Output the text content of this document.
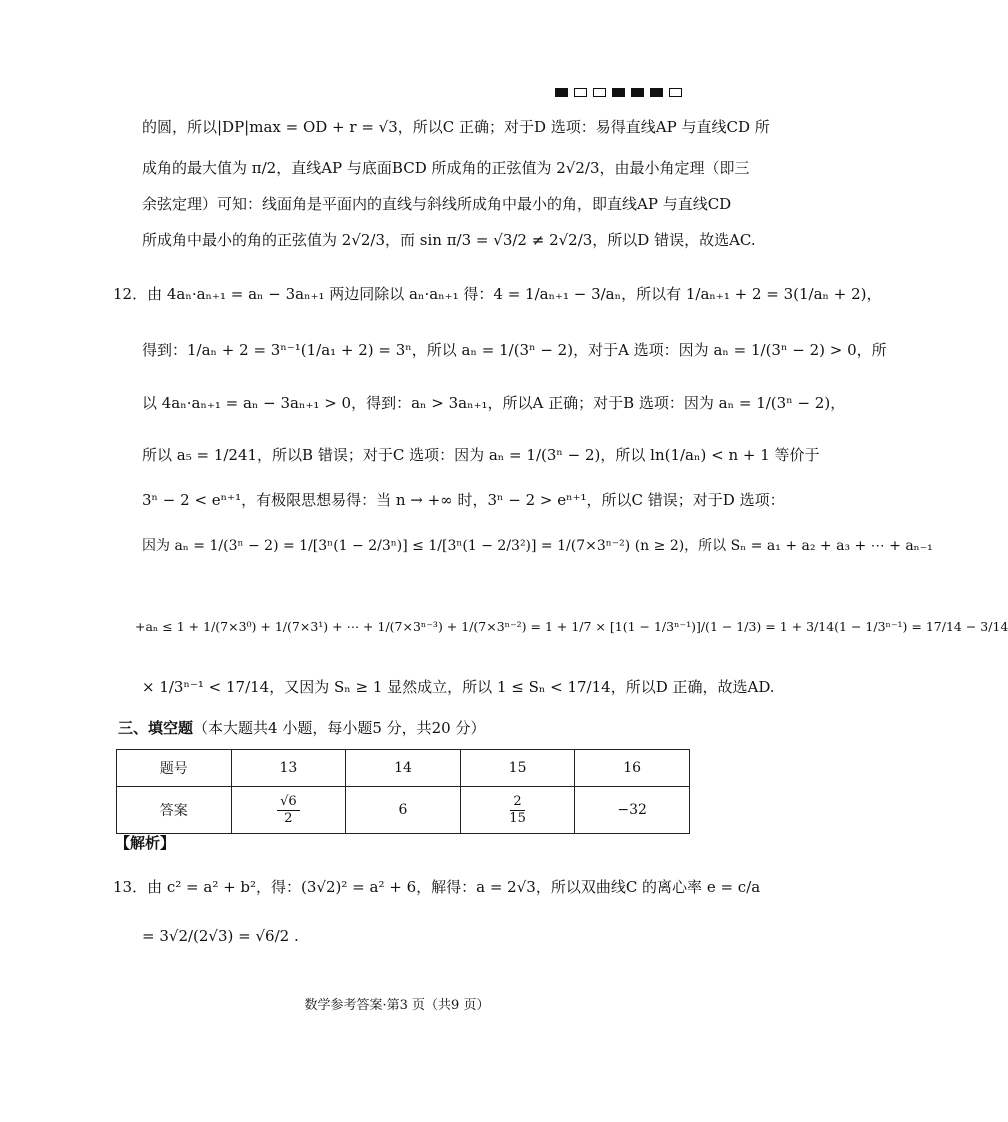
的圆，所以|DP|max = OD + r = √3，所以C 正确；对于D 选项：易得直线AP 与直线CD 所
成角的最大值为 π/2，直线AP 与底面BCD 所成角的正弦值为 2√2/3，由最小角定理（即三
余弦定理）可知：线面角是平面内的直线与斜线所成角中最小的角，即直线AP 与直线CD
所成角中最小的角的正弦值为 2√2/3，而 sin π/3 = √3/2 ≠ 2√2/3，所以D 错误，故选AC.
12．由 4aₙ·aₙ₊₁ = aₙ − 3aₙ₊₁ 两边同除以 aₙ·aₙ₊₁ 得：4 = 1/aₙ₊₁ − 3/aₙ，所以有 1/aₙ₊₁ + 2 = 3(1/aₙ + 2)，
得到：1/aₙ + 2 = 3ⁿ⁻¹(1/a₁ + 2) = 3ⁿ，所以 aₙ = 1/(3ⁿ − 2)，对于A 选项：因为 aₙ = 1/(3ⁿ − 2) > 0，所
以 4aₙ·aₙ₊₁ = aₙ − 3aₙ₊₁ > 0，得到：aₙ > 3aₙ₊₁，所以A 正确；对于B 选项：因为 aₙ = 1/(3ⁿ − 2)，
所以 a₅ = 1/241，所以B 错误；对于C 选项：因为 aₙ = 1/(3ⁿ − 2)，所以 ln(1/aₙ) < n + 1 等价于
3ⁿ − 2 < eⁿ⁺¹，有极限思想易得：当 n → +∞ 时，3ⁿ − 2 > eⁿ⁺¹，所以C 错误；对于D 选项：
因为 aₙ = 1/(3ⁿ − 2) = 1/[3ⁿ(1 − 2/3ⁿ)] ≤ 1/[3ⁿ(1 − 2/3²)] = 1/(7×3ⁿ⁻²) (n ≥ 2)，所以 Sₙ = a₁ + a₂ + a₃ + ⋯ + aₙ₋₁
+aₙ ≤ 1 + 1/(7×3⁰) + 1/(7×3¹) + ⋯ + 1/(7×3ⁿ⁻³) + 1/(7×3ⁿ⁻²) = 1 + 1/7 × [1(1 − 1/3ⁿ⁻¹)]/(1 − 1/3) = 1 + 3/14(1 − 1/3ⁿ⁻¹) = 17/14 − 3/14
× 1/3ⁿ⁻¹ < 17/14，又因为 Sₙ ≥ 1 显然成立，所以 1 ≤ Sₙ < 17/14，所以D 正确，故选AD.
三、填空题（本大题共4 小题，每小题5 分，共20 分）
题号	13	14	15	16
答案	$\frac{√6}{2}$	6	$\frac{2}{15}$	−32
【解析】
13．由 c² = a² + b²，得：(3√2)² = a² + 6，解得：a = 2√3，所以双曲线C 的离心率 e = c/a
= 3√2/(2√3) = √6/2 .
数学参考答案·第3 页（共9 页）
